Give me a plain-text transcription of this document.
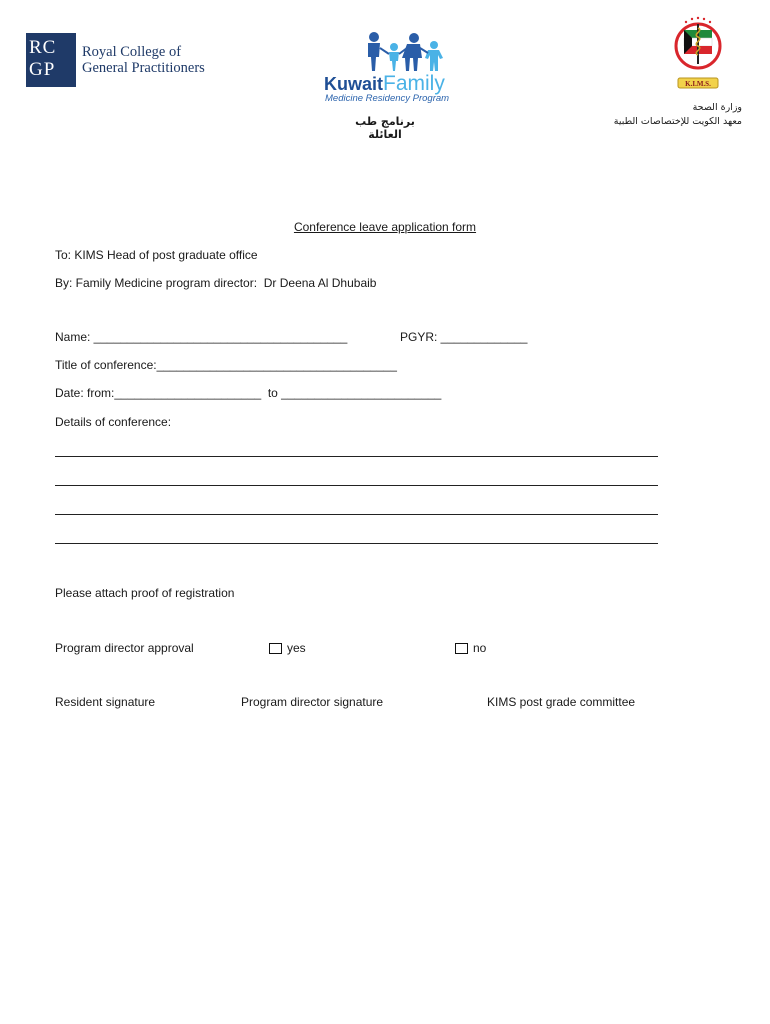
RC
GP
Royal College of
General Practitioners
KuwaitFamily
Medicine Residency Program
برنامج طب العائلة
K.I.M.S.
وزارة الصحة
معهد الكويت للإختصاصات الطبية
Conference leave application form
To: KIMS Head of post graduate office
By: Family Medicine program director:  Dr Deena Al Dhubaib
Name: ______________________________________	PGYR: _____________
Title of conference:____________________________________
Date: from:______________________  to ________________________
Details of conference:
Please attach proof of registration
Program director approval	yes	no
Resident signature	Program director signature	KIMS post grade committee
